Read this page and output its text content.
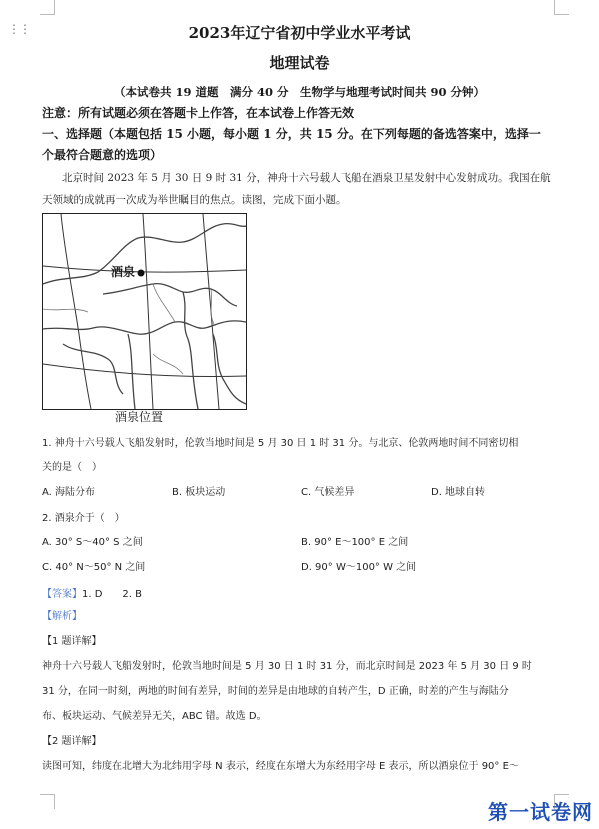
⋮⋮	2023年辽宁省初中学业水平考试
地理试卷
（本试卷共 19 道题　满分 40 分　生物学与地理考试时间共 90 分钟）
注意：所有试题必须在答题卡上作答，在本试卷上作答无效
一、选择题（本题包括 15 小题，每小题 1 分，共 15 分。在下列每题的备选答案中，选择一
个最符合题意的选项）
北京时间 2023 年 5 月 30 日 9 时 31 分，神舟十六号载人飞船在酒泉卫星发射中心发射成功。我国在航
天领域的成就再一次成为举世瞩目的焦点。读图，完成下面小题。
酒泉
酒泉位置
1. 神舟十六号载人飞船发射时，伦敦当地时间是 5 月 30 日 1 时 31 分。与北京、伦敦两地时间不同密切相
关的是（　）
A. 海陆分布	B. 板块运动	C. 气候差异	D. 地球自转
2. 酒泉介于（　）
A. 30° S～40° S 之间	B. 90° E～100° E 之间
C. 40° N～50° N 之间	D. 90° W～100° W 之间
【答案】1. D　　2. B
【解析】
【1 题详解】
神舟十六号载人飞船发射时，伦敦当地时间是 5 月 30 日 1 时 31 分，而北京时间是 2023 年 5 月 30 日 9 时
31 分，在同一时刻，两地的时间有差异，时间的差异是由地球的自转产生，D 正确，时差的产生与海陆分
布、板块运动、气候差异无关，ABC 错。故选 D。
【2 题详解】
读图可知，纬度在北增大为北纬用字母 N 表示，经度在东增大为东经用字母 E 表示，所以酒泉位于 90° E～
第一试卷网
